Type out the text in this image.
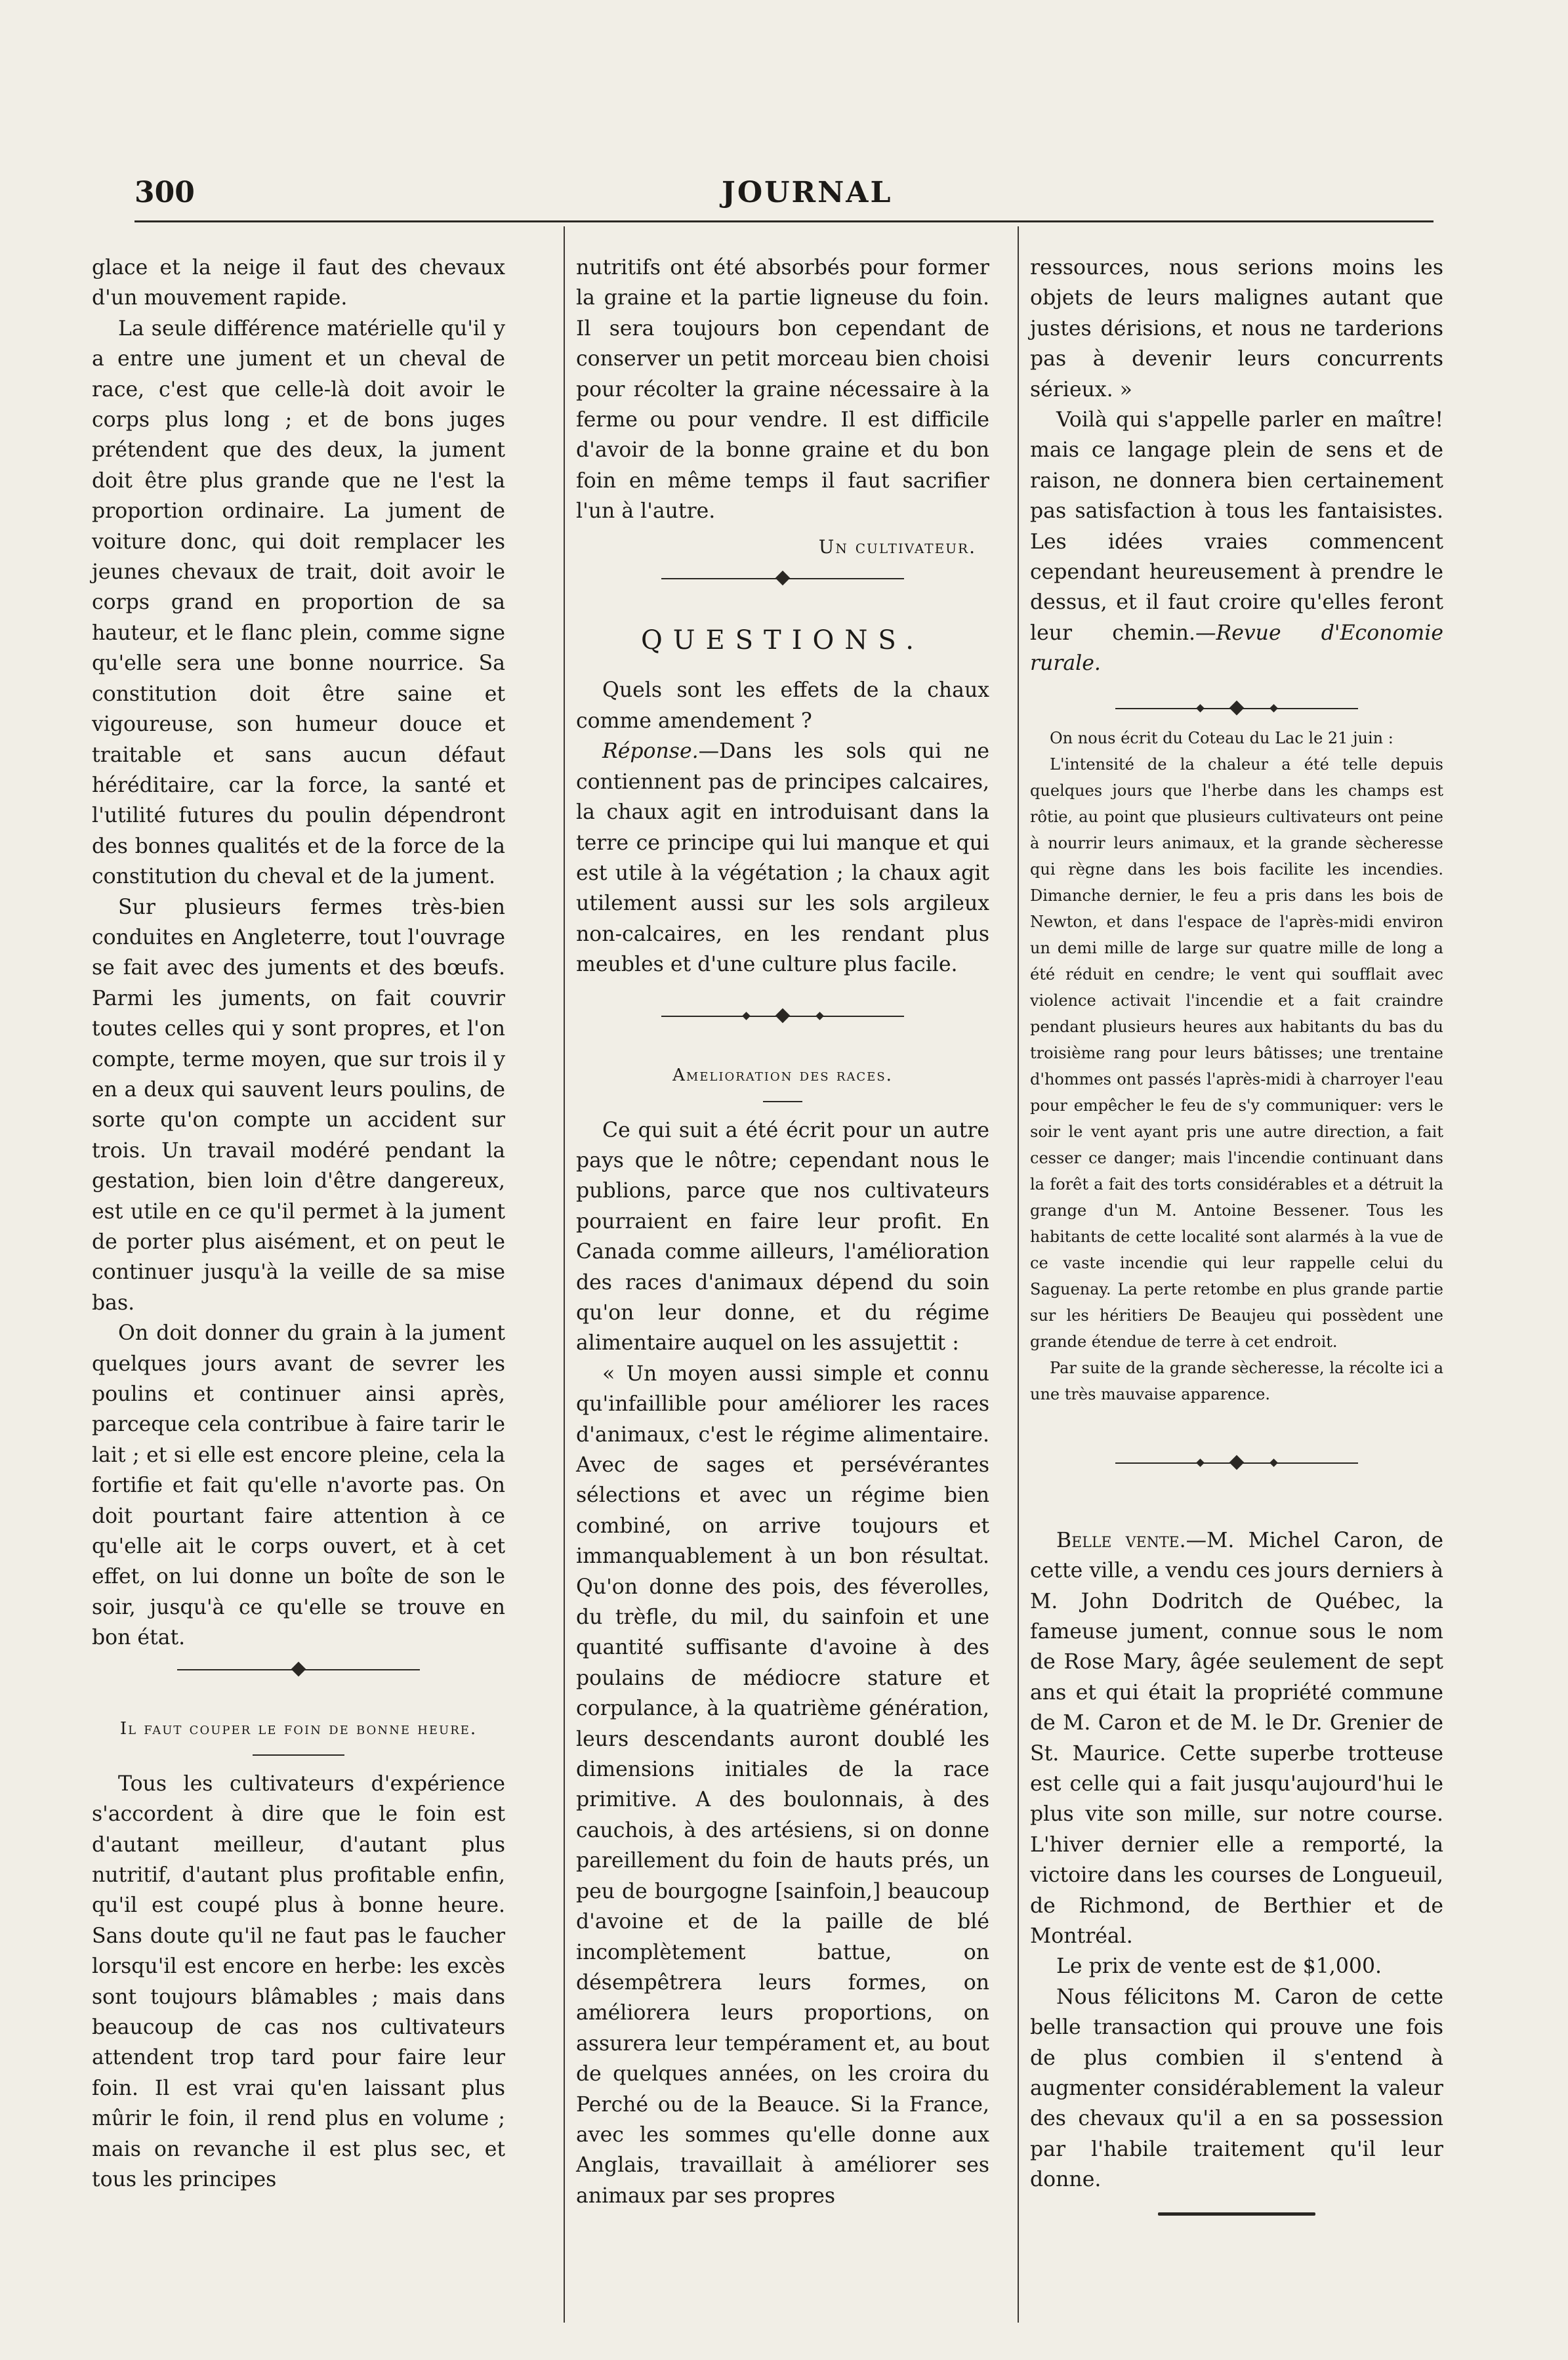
300	JOURNAL

glace et la neige il faut des chevaux d'un mouvement rapide.

La seule différence matérielle qu'il y a entre une jument et un cheval de race, c'est que celle-là doit avoir le corps plus long ; et de bons juges prétendent que des deux, la jument doit être plus grande que ne l'est la proportion ordinaire. La jument de voiture donc, qui doit remplacer les jeunes chevaux de trait, doit avoir le corps grand en proportion de sa hauteur, et le flanc plein, comme signe qu'elle sera une bonne nourrice. Sa constitution doit être saine et vigoureuse, son humeur douce et traitable et sans aucun défaut héréditaire, car la force, la santé et l'utilité futures du poulin dépendront des bonnes qualités et de la force de la constitution du cheval et de la jument.

Sur plusieurs fermes très-bien conduites en Angleterre, tout l'ouvrage se fait avec des juments et des bœufs. Parmi les juments, on fait couvrir toutes celles qui y sont propres, et l'on compte, terme moyen, que sur trois il y en a deux qui sauvent leurs poulins, de sorte qu'on compte un accident sur trois. Un travail modéré pendant la gestation, bien loin d'être dangereux, est utile en ce qu'il permet à la jument de porter plus aisément, et on peut le continuer jusqu'à la veille de sa mise bas.

On doit donner du grain à la jument quelques jours avant de sevrer les poulins et continuer ainsi après, parceque cela contribue à faire tarir le lait ; et si elle est encore pleine, cela la fortifie et fait qu'elle n'avorte pas. On doit pourtant faire attention à ce qu'elle ait le corps ouvert, et à cet effet, on lui donne un boîte de son le soir, jusqu'à ce qu'elle se trouve en bon état.

Il faut couper le foin de bonne heure.

Tous les cultivateurs d'expérience s'accordent à dire que le foin est d'autant meilleur, d'autant plus nutritif, d'autant plus profitable enfin, qu'il est coupé plus à bonne heure. Sans doute qu'il ne faut pas le faucher lorsqu'il est encore en herbe: les excès sont toujours blâmables ; mais dans beaucoup de cas nos cultivateurs attendent trop tard pour faire leur foin. Il est vrai qu'en laissant plus mûrir le foin, il rend plus en volume ; mais on revanche il est plus sec, et tous les principes

nutritifs ont été absorbés pour former la graine et la partie ligneuse du foin. Il sera toujours bon cependant de conserver un petit morceau bien choisi pour récolter la graine nécessaire à la ferme ou pour vendre. Il est difficile d'avoir de la bonne graine et du bon foin en même temps il faut sacrifier l'un à l'autre.

Un cultivateur.
QUESTIONS.

Quels sont les effets de la chaux comme amendement ?

Réponse.—Dans les sols qui ne contiennent pas de principes calcaires, la chaux agit en introduisant dans la terre ce principe qui lui manque et qui est utile à la végétation ; la chaux agit utilement aussi sur les sols argileux non-calcaires, en les rendant plus meubles et d'une culture plus facile.

Amelioration des races.

Ce qui suit a été écrit pour un autre pays que le nôtre; cependant nous le publions, parce que nos cultivateurs pourraient en faire leur profit. En Canada comme ailleurs, l'amélioration des races d'animaux dépend du soin qu'on leur donne, et du régime alimentaire auquel on les assujettit :

« Un moyen aussi simple et connu qu'infaillible pour améliorer les races d'animaux, c'est le régime alimentaire. Avec de sages et persévérantes sélections et avec un régime bien combiné, on arrive toujours et immanquablement à un bon résultat. Qu'on donne des pois, des féverolles, du trèfle, du mil, du sainfoin et une quantité suffisante d'avoine à des poulains de médiocre stature et corpulance, à la quatrième génération, leurs descendants auront doublé les dimensions initiales de la race primitive. A des boulonnais, à des cauchois, à des artésiens, si on donne pareillement du foin de hauts prés, un peu de bourgogne [sainfoin,] beaucoup d'avoine et de la paille de blé incomplètement battue, on désempêtrera leurs formes, on améliorera leurs proportions, on assurera leur tempérament et, au bout de quelques années, on les croira du Perché ou de la Beauce. Si la France, avec les sommes qu'elle donne aux Anglais, travaillait à améliorer ses animaux par ses propres

ressources, nous serions moins les objets de leurs malignes autant que justes dérisions, et nous ne tarderions pas à devenir leurs concurrents sérieux. »

Voilà qui s'appelle parler en maître! mais ce langage plein de sens et de raison, ne donnera bien certainement pas satisfaction à tous les fantaisistes. Les idées vraies commencent cependant heureusement à prendre le dessus, et il faut croire qu'elles feront leur chemin.—Revue d'Economie rurale.

On nous écrit du Coteau du Lac le 21 juin :

L'intensité de la chaleur a été telle depuis quelques jours que l'herbe dans les champs est rôtie, au point que plusieurs cultivateurs ont peine à nourrir leurs animaux, et la grande sècheresse qui règne dans les bois facilite les incendies. Dimanche dernier, le feu a pris dans les bois de Newton, et dans l'espace de l'après-midi environ un demi mille de large sur quatre mille de long a été réduit en cendre; le vent qui soufflait avec violence activait l'incendie et a fait craindre pendant plusieurs heures aux habitants du bas du troisième rang pour leurs bâtisses; une trentaine d'hommes ont passés l'après-midi à charroyer l'eau pour empêcher le feu de s'y communiquer: vers le soir le vent ayant pris une autre direction, a fait cesser ce danger; mais l'incendie continuant dans la forêt a fait des torts considérables et a détruit la grange d'un M. Antoine Bessener. Tous les habitants de cette localité sont alarmés à la vue de ce vaste incendie qui leur rappelle celui du Saguenay. La perte retombe en plus grande partie sur les héritiers De Beaujeu qui possèdent une grande étendue de terre à cet endroit.

Par suite de la grande sècheresse, la récolte ici a une très mauvaise apparence.

Belle vente.—M. Michel Caron, de cette ville, a vendu ces jours derniers à M. John Dodritch de Québec, la fameuse jument, connue sous le nom de Rose Mary, âgée seulement de sept ans et qui était la propriété commune de M. Caron et de M. le Dr. Grenier de St. Maurice. Cette superbe trotteuse est celle qui a fait jusqu'aujourd'hui le plus vite son mille, sur notre course. L'hiver dernier elle a remporté, la victoire dans les courses de Longueuil, de Richmond, de Berthier et de Montréal.

Le prix de vente est de $1,000.

Nous félicitons M. Caron de cette belle transaction qui prouve une fois de plus combien il s'entend à augmenter considérablement la valeur des chevaux qu'il a en sa possession par l'habile traitement qu'il leur donne.
